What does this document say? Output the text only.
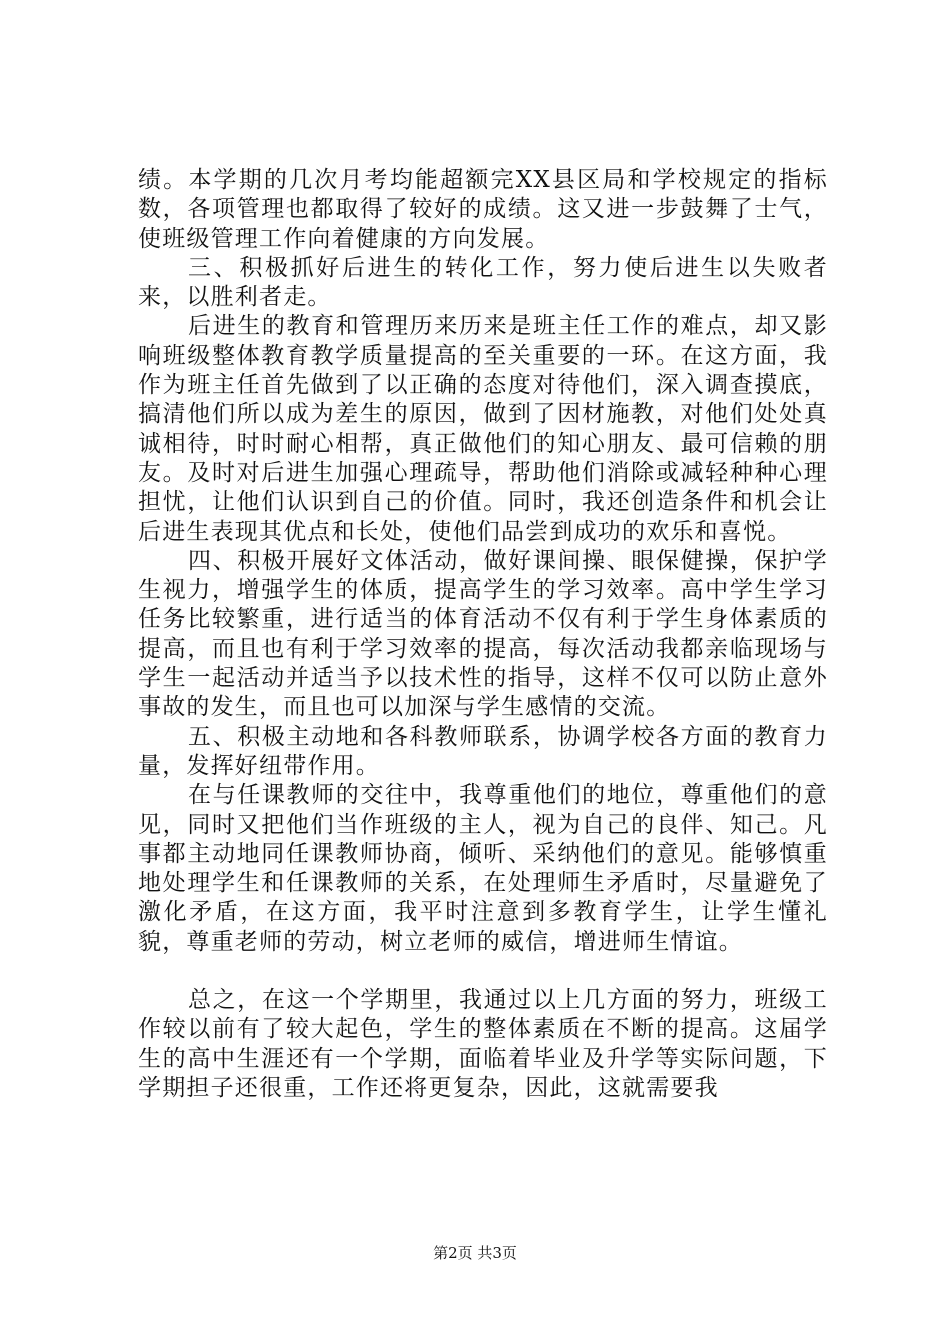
绩。本学期的几次月考均能超额完XX县区局和学校规定的指标数，各项管理也都取得了较好的成绩。这又进一步鼓舞了士气，使班级管理工作向着健康的方向发展。

三、积极抓好后进生的转化工作，努力使后进生以失败者来，以胜利者走。

后进生的教育和管理历来历来是班主任工作的难点，却又影响班级整体教育教学质量提高的至关重要的一环。在这方面，我作为班主任首先做到了以正确的态度对待他们，深入调查摸底，搞清他们所以成为差生的原因，做到了因材施教，对他们处处真诚相待，时时耐心相帮，真正做他们的知心朋友、最可信赖的朋友。及时对后进生加强心理疏导，帮助他们消除或减轻种种心理担忧，让他们认识到自己的价值。同时，我还创造条件和机会让后进生表现其优点和长处，使他们品尝到成功的欢乐和喜悦。

四、积极开展好文体活动，做好课间操、眼保健操，保护学生视力，增强学生的体质，提高学生的学习效率。高中学生学习任务比较繁重，进行适当的体育活动不仅有利于学生身体素质的提高，而且也有利于学习效率的提高，每次活动我都亲临现场与学生一起活动并适当予以技术性的指导，这样不仅可以防止意外事故的发生，而且也可以加深与学生感情的交流。

五、积极主动地和各科教师联系，协调学校各方面的教育力量，发挥好纽带作用。

在与任课教师的交往中，我尊重他们的地位，尊重他们的意见，同时又把他们当作班级的主人，视为自己的良伴、知己。凡事都主动地同任课教师协商，倾听、采纳他们的意见。能够慎重地处理学生和任课教师的关系，在处理师生矛盾时，尽量避免了激化矛盾，在这方面，我平时注意到多教育学生，让学生懂礼貌，尊重老师的劳动，树立老师的威信，增进师生情谊。

总之，在这一个学期里，我通过以上几方面的努力，班级工作较以前有了较大起色，学生的整体素质在不断的提高。这届学生的高中生涯还有一个学期，面临着毕业及升学等实际问题，下学期担子还很重，工作还将更复杂，因此，这就需要我

第2页 共3页
